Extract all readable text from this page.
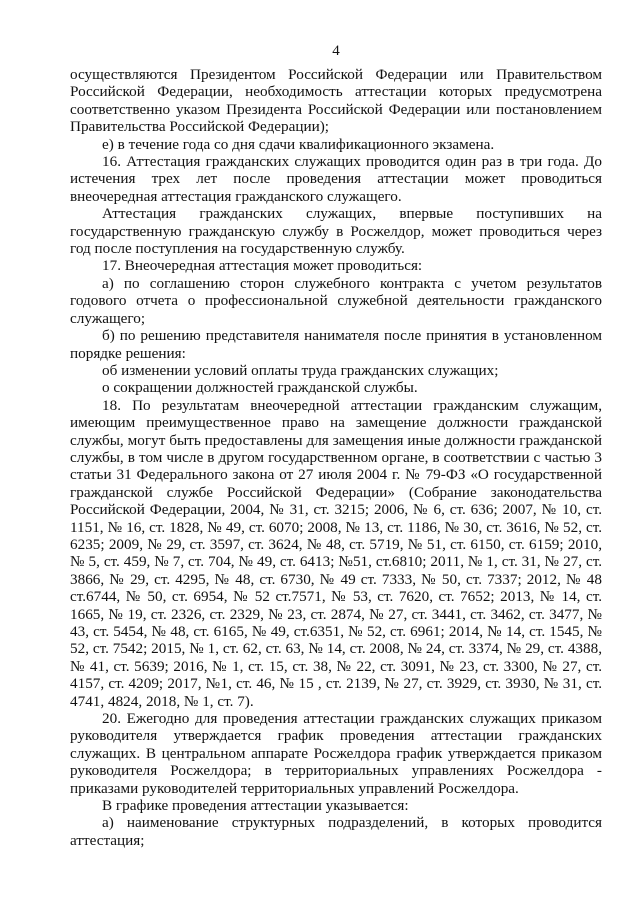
4

осуществляются Президентом Российской Федерации или Правительством Российской Федерации, необходимость аттестации которых предусмотрена соответственно указом Президента Российской Федерации или постановлением Правительства Российской Федерации);

е) в течение года со дня сдачи квалификационного экзамена.

16. Аттестация гражданских служащих проводится один раз в три года. До истечения трех лет после проведения аттестации может проводиться внеочередная аттестация гражданского служащего.

Аттестация гражданских служащих, впервые поступивших на государственную гражданскую службу в Росжелдор, может проводиться через год после поступления на государственную службу.

17. Внеочередная аттестация может проводиться:

а) по соглашению сторон служебного контракта с учетом результатов годового отчета о профессиональной служебной деятельности гражданского служащего;

б) по решению представителя нанимателя после принятия в установленном порядке решения:

об изменении условий оплаты труда гражданских служащих;

о сокращении должностей гражданской службы.

18. По результатам внеочередной аттестации гражданским служащим, имеющим преимущественное право на замещение должности гражданской службы, могут быть предоставлены для замещения иные должности гражданской службы, в том числе в другом государственном органе, в соответствии с частью 3 статьи 31 Федерального закона от 27 июля 2004 г. № 79-ФЗ «О государственной гражданской службе Российской Федерации» (Собрание законодательства Российской Федерации, 2004, № 31, ст. 3215; 2006, № 6, ст. 636; 2007, № 10, ст. 1151, № 16, ст. 1828, № 49, ст. 6070; 2008, № 13, ст. 1186, № 30, ст. 3616, № 52, ст. 6235; 2009, № 29, ст. 3597, ст. 3624, № 48, ст. 5719, № 51, ст. 6150, ст. 6159; 2010, № 5, ст. 459, № 7, ст. 704, № 49, ст. 6413; №51, ст.6810; 2011, № 1, ст. 31, № 27, ст. 3866, № 29, ст. 4295, № 48, ст. 6730, № 49 ст. 7333, № 50, ст. 7337; 2012, № 48 ст.6744, № 50, ст. 6954, № 52 ст.7571, № 53, ст. 7620, ст. 7652; 2013, № 14, ст. 1665, № 19, ст. 2326, ст. 2329, № 23, ст. 2874, № 27, ст. 3441, ст. 3462, ст. 3477, № 43, ст. 5454, № 48, ст. 6165, № 49, ст.6351, № 52, ст. 6961; 2014, № 14, ст. 1545, № 52, ст. 7542; 2015, № 1, ст. 62, ст. 63, № 14, ст. 2008, № 24, ст. 3374, № 29, ст. 4388, № 41, ст. 5639; 2016, № 1, ст. 15, ст. 38, № 22, ст. 3091, № 23, ст. 3300, № 27, ст. 4157, ст. 4209; 2017, №1, ст. 46, № 15 , ст. 2139, № 27, ст. 3929, ст. 3930, № 31, ст. 4741, 4824, 2018, № 1, ст. 7).

20. Ежегодно для проведения аттестации гражданских служащих приказом руководителя утверждается график проведения аттестации гражданских служащих. В центральном аппарате Росжелдора график утверждается приказом руководителя Росжелдора; в территориальных управлениях Росжелдора - приказами руководителей территориальных управлений Росжелдора.

В графике проведения аттестации указывается:

а) наименование структурных подразделений, в которых проводится аттестация;
